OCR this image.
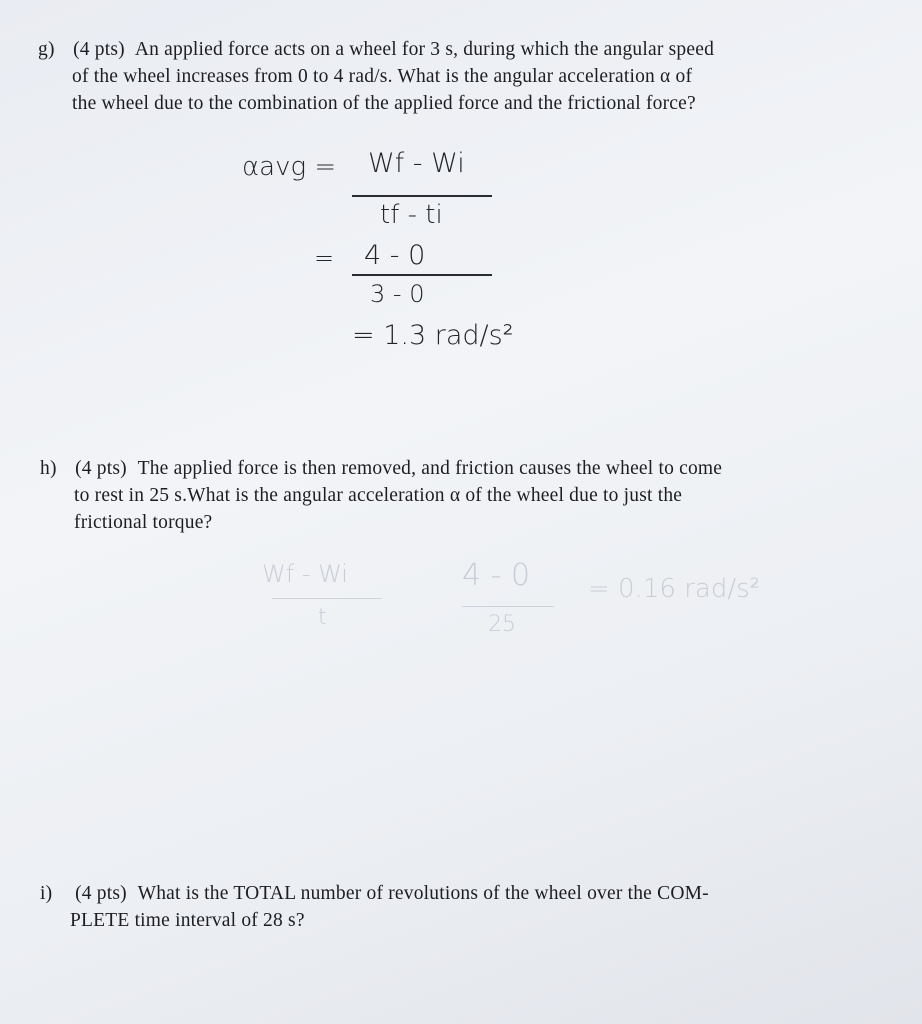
g) (4 pts) An applied force acts on a wheel for 3 s, during which the angular speed
of the wheel increases from 0 to 4 rad/s. What is the angular acceleration α of
the wheel due to the combination of the applied force and the frictional force?
αavg = Wf - Wi
tf - ti
= 4 - 0
3 - 0
= 1.3 rad/s²
h) (4 pts) The applied force is then removed, and friction causes the wheel to come
to rest in 25 s.What is the angular acceleration α of the wheel due to just the
frictional torque?
Wf - Wi
t
4 - 0
25
= 0.16 rad/s²
i) (4 pts) What is the TOTAL number of revolutions of the wheel over the COM-
PLETE time interval of 28 s?
